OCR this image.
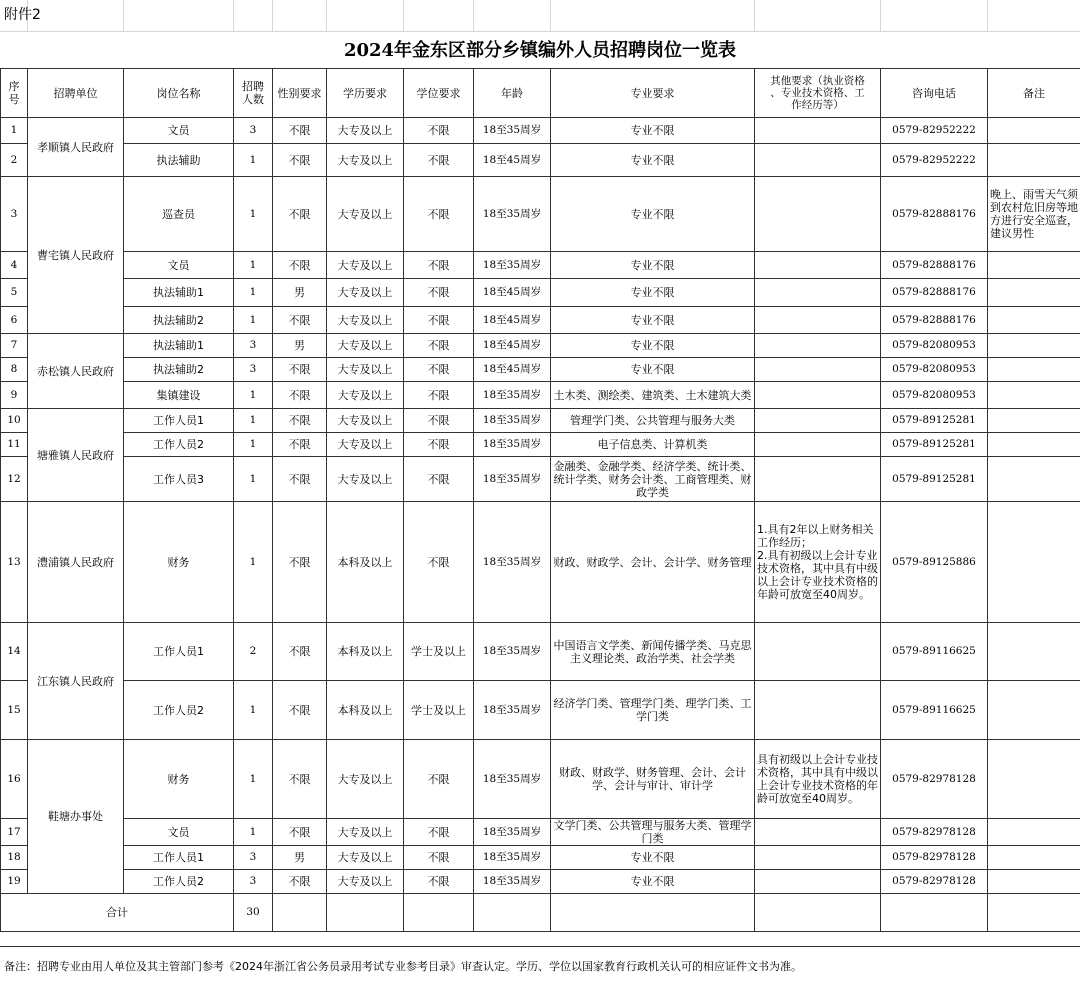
附件2
2024年金东区部分乡镇编外人员招聘岗位一览表
序
号	招聘单位	岗位名称	招聘
人数	性别要求	学历要求	学位要求	年龄	专业要求	其他要求（执业资格
、专业技术资格、工
作经历等）	咨询电话	备注
1	孝顺镇人民政府	文员	3	不限	大专及以上	不限	18至35周岁	专业不限		0579-82952222	
2		执法辅助	1	不限	大专及以上	不限	18至45周岁	专业不限		0579-82952222	
3	曹宅镇人民政府	巡查员	1	不限	大专及以上	不限	18至35周岁	专业不限		0579-82888176	晚上、雨雪天气须到农村危旧房等地方进行安全巡查，建议男性
4		文员	1	不限	大专及以上	不限	18至35周岁	专业不限		0579-82888176	
5		执法辅助1	1	男	大专及以上	不限	18至45周岁	专业不限		0579-82888176	
6		执法辅助2	1	不限	大专及以上	不限	18至45周岁	专业不限		0579-82888176	
7	赤松镇人民政府	执法辅助1	3	男	大专及以上	不限	18至45周岁	专业不限		0579-82080953	
8		执法辅助2	3	不限	大专及以上	不限	18至45周岁	专业不限		0579-82080953	
9		集镇建设	1	不限	大专及以上	不限	18至35周岁	土木类、测绘类、建筑类、土木建筑大类		0579-82080953	
10	塘雅镇人民政府	工作人员1	1	不限	大专及以上	不限	18至35周岁	管理学门类、公共管理与服务大类		0579-89125281	
11		工作人员2	1	不限	大专及以上	不限	18至35周岁	电子信息类、计算机类		0579-89125281	
12		工作人员3	1	不限	大专及以上	不限	18至35周岁	金融类、金融学类、经济学类、统计类、统计学类、财务会计类、工商管理类、财政学类		0579-89125281	
13	澧浦镇人民政府	财务	1	不限	本科及以上	不限	18至35周岁	财政、财政学、会计、会计学、财务管理	1.具有2年以上财务相关工作经历；
2.具有初级以上会计专业技术资格，其中具有中级以上会计专业技术资格的年龄可放宽至40周岁。	0579-89125886	
14	江东镇人民政府	工作人员1	2	不限	本科及以上	学士及以上	18至35周岁	中国语言文学类、新闻传播学类、马克思主义理论类、政治学类、社会学类		0579-89116625	
15		工作人员2	1	不限	本科及以上	学士及以上	18至35周岁	经济学门类、管理学门类、理学门类、工学门类		0579-89116625	
16	鞋塘办事处	财务	1	不限	大专及以上	不限	18至35周岁	财政、财政学、财务管理、会计、会计学、会计与审计、审计学	具有初级以上会计专业技术资格，其中具有中级以上会计专业技术资格的年龄可放宽至40周岁。	0579-82978128	
17		文员	1	不限	大专及以上	不限	18至35周岁	文学门类、公共管理与服务大类、管理学门类		0579-82978128	
18		工作人员1	3	男	大专及以上	不限	18至35周岁	专业不限		0579-82978128	
19		工作人员2	3	不限	大专及以上	不限	18至35周岁	专业不限		0579-82978128	
合计			30								
备注：招聘专业由用人单位及其主管部门参考《2024年浙江省公务员录用考试专业参考目录》审查认定。学历、学位以国家教育行政机关认可的相应证件文书为准。
